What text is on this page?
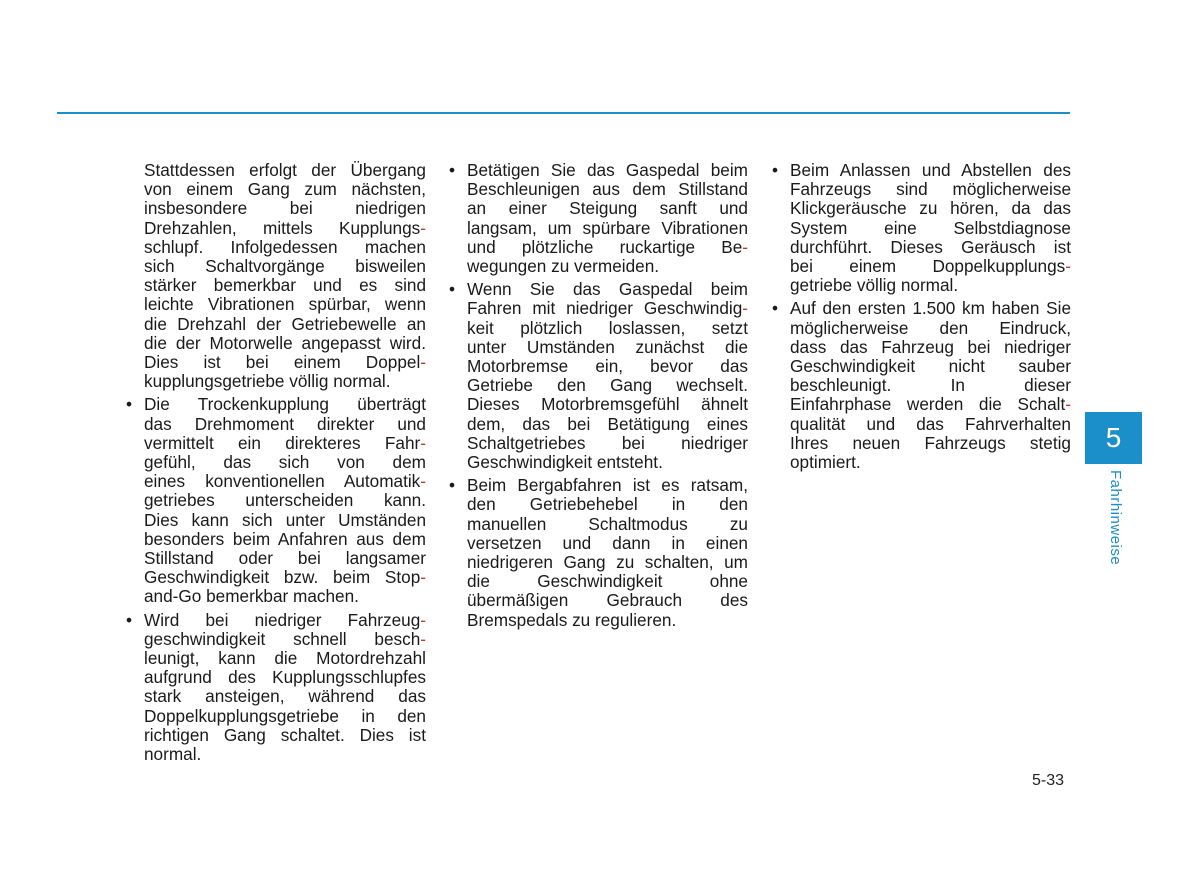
Stattdessen erfolgt der Übergang
von einem Gang zum nächsten,
insbesondere bei niedrigen
Drehzahlen, mittels Kupplungs-
schlupf. Infolgedessen machen
sich Schaltvorgänge bisweilen
stärker bemerkbar und es sind
leichte Vibrationen spürbar, wenn
die Drehzahl der Getriebewelle an
die der Motorwelle angepasst wird.
Dies ist bei einem Doppel-
kupplungsgetriebe völlig normal.
• Die Trockenkupplung überträgt
das Drehmoment direkter und
vermittelt ein direkteres Fahr-
gefühl, das sich von dem
eines konventionellen Automatik-
getriebes unterscheiden kann.
Dies kann sich unter Umständen
besonders beim Anfahren aus dem
Stillstand oder bei langsamer
Geschwindigkeit bzw. beim Stop-
and-Go bemerkbar machen.
• Wird bei niedriger Fahrzeug-
geschwindigkeit schnell besch-
leunigt, kann die Motordrehzahl
aufgrund des Kupplungsschlupfes
stark ansteigen, während das
Doppelkupplungsgetriebe in den
richtigen Gang schaltet. Dies ist
normal.
• Betätigen Sie das Gaspedal beim
Beschleunigen aus dem Stillstand
an einer Steigung sanft und
langsam, um spürbare Vibrationen
und plötzliche ruckartige Be-
wegungen zu vermeiden.
• Wenn Sie das Gaspedal beim
Fahren mit niedriger Geschwindig-
keit plötzlich loslassen, setzt
unter Umständen zunächst die
Motorbremse ein, bevor das
Getriebe den Gang wechselt.
Dieses Motorbremsgefühl ähnelt
dem, das bei Betätigung eines
Schaltgetriebes bei niedriger
Geschwindigkeit entsteht.
• Beim Bergabfahren ist es ratsam,
den Getriebehebel in den
manuellen Schaltmodus zu
versetzen und dann in einen
niedrigeren Gang zu schalten, um
die Geschwindigkeit ohne
übermäßigen Gebrauch des
Bremspedals zu regulieren.
• Beim Anlassen und Abstellen des
Fahrzeugs sind möglicherweise
Klickgeräusche zu hören, da das
System eine Selbstdiagnose
durchführt. Dieses Geräusch ist
bei einem Doppelkupplungs-
getriebe völlig normal.
• Auf den ersten 1.500 km haben Sie
möglicherweise den Eindruck,
dass das Fahrzeug bei niedriger
Geschwindigkeit nicht sauber
beschleunigt. In dieser
Einfahrphase werden die Schalt-
qualität und das Fahrverhalten
Ihres neuen Fahrzeugs stetig
optimiert.
5
Fahrhinweise
5-33
